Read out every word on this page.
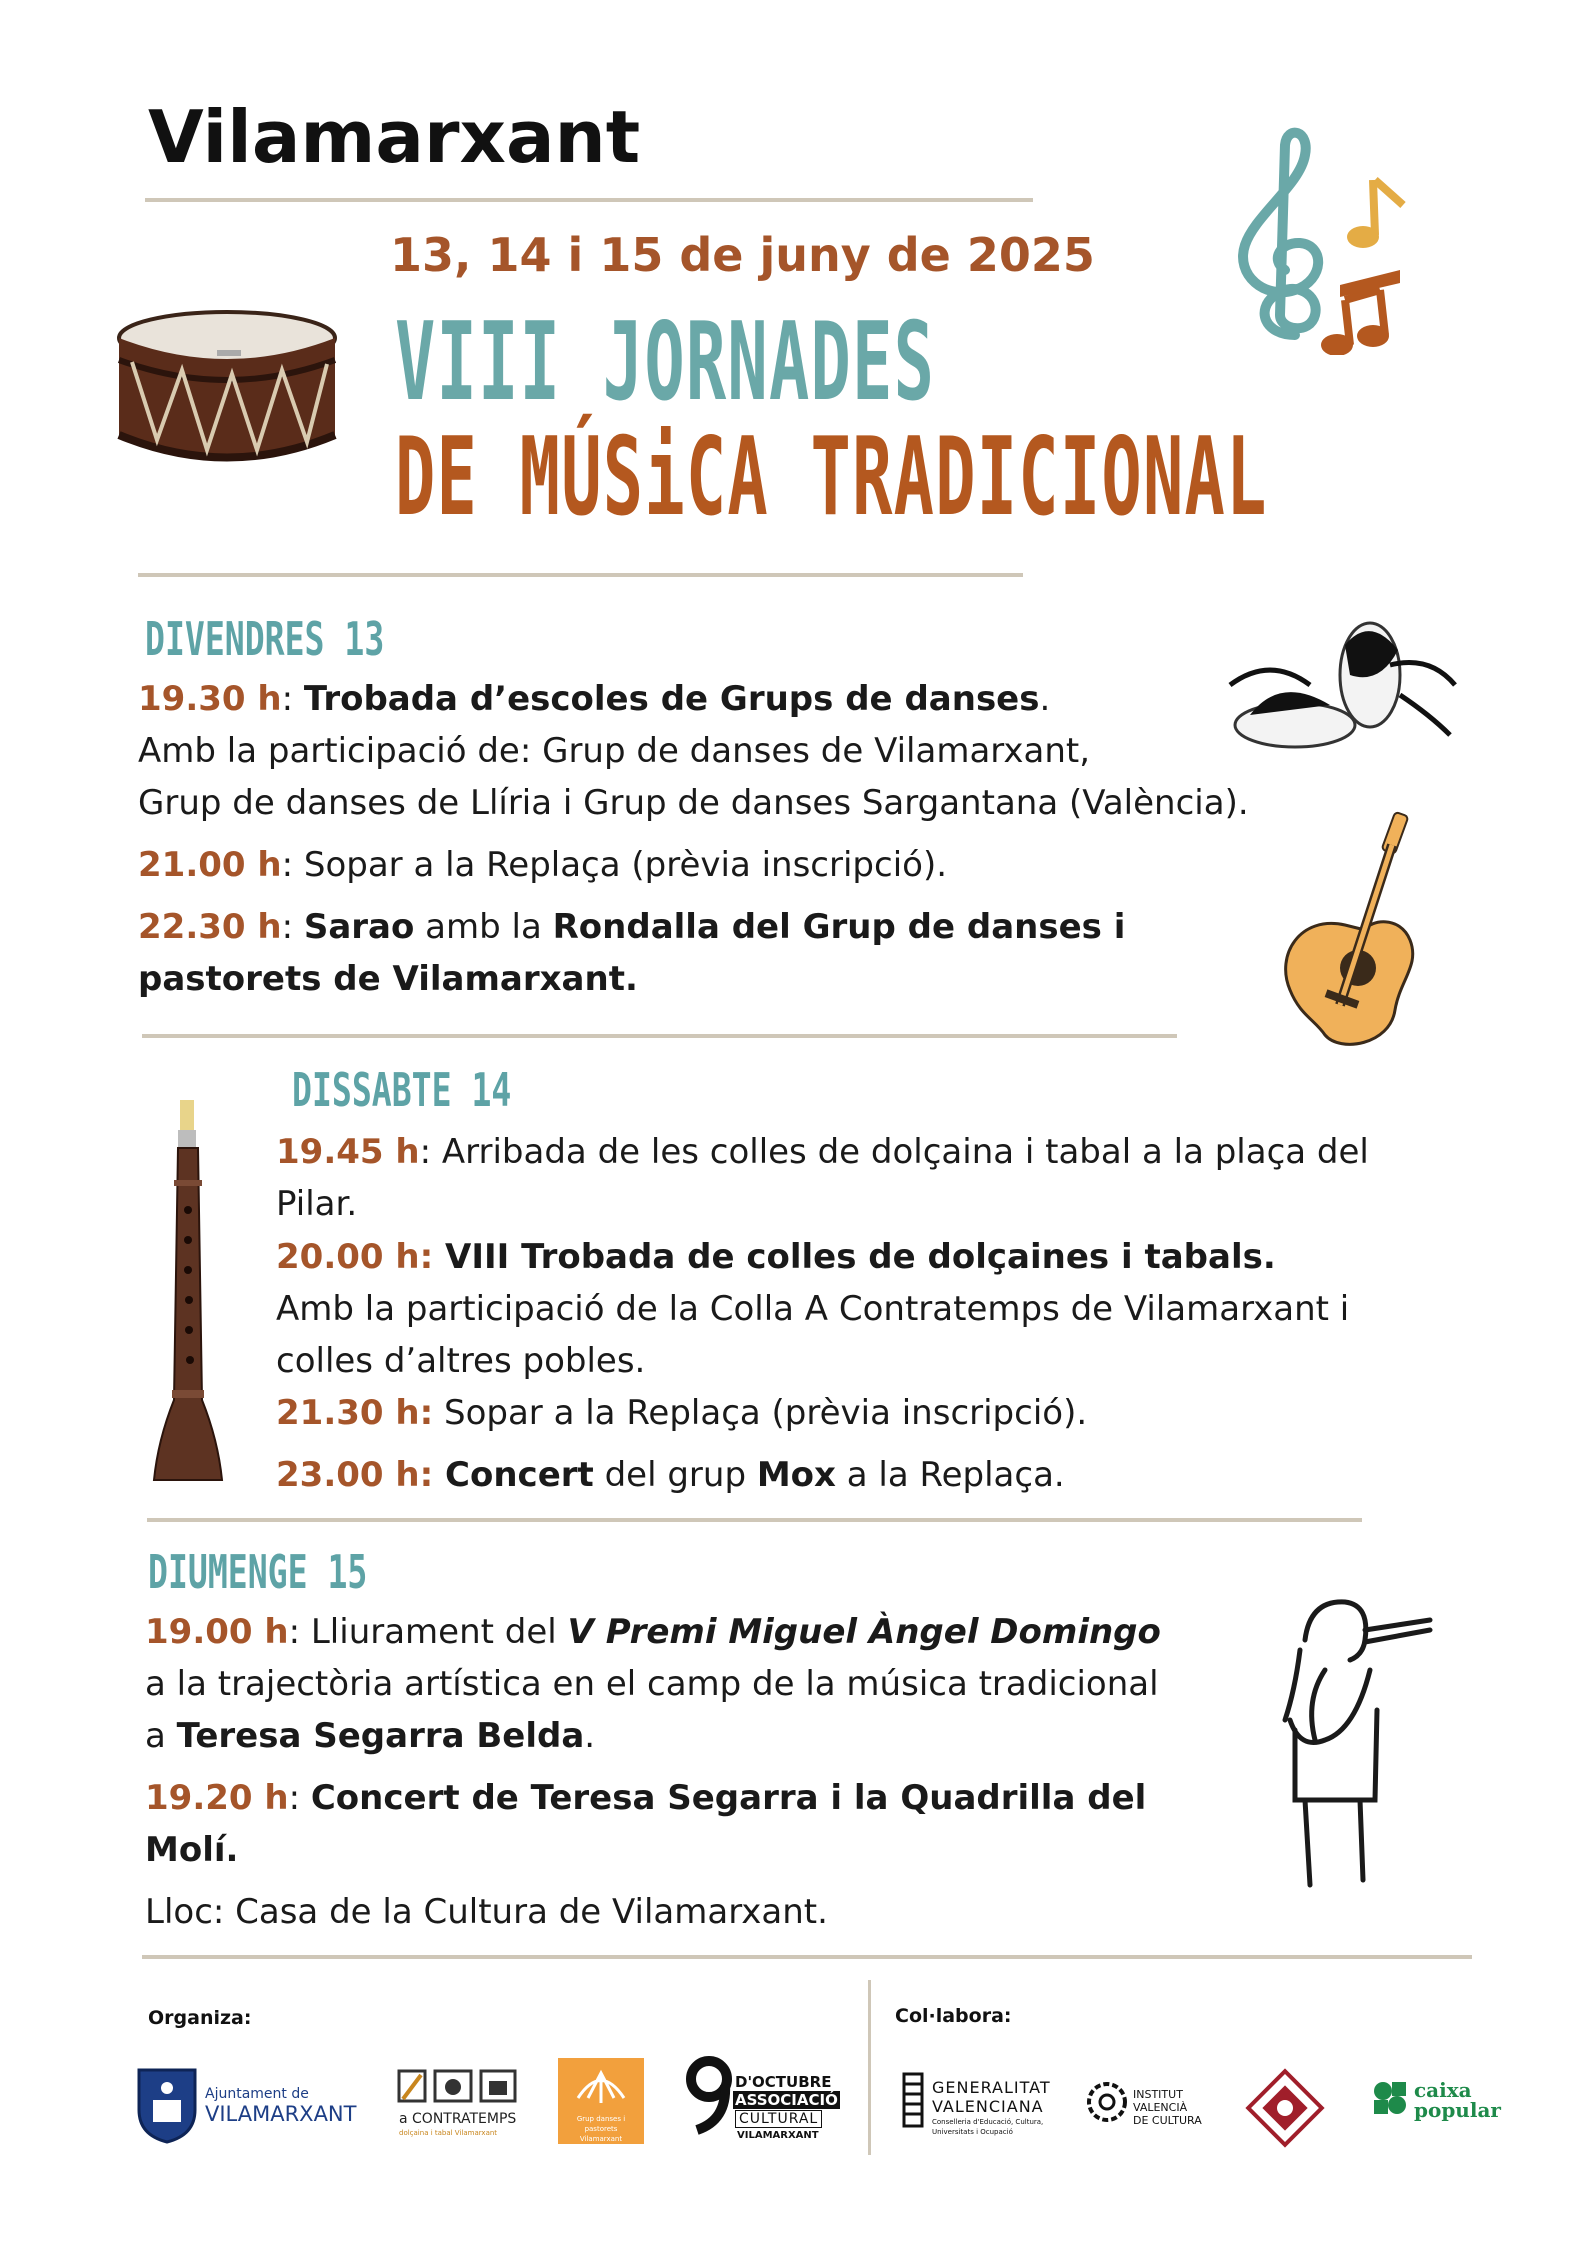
Vilamarxant
13, 14 i 15 de juny de 2025
VIII JORNADES
DE MÚSiCA TRADICIONAL
DIVENDRES 13
19.30 h: Trobada d’escoles de Grups de danses.
Amb la participació de: Grup de danses de Vilamarxant,
Grup de danses de Llíria i Grup de danses Sargantana (València).
21.00 h: Sopar a la Replaça (prèvia inscripció).
22.30 h: Sarao amb la Rondalla del Grup de danses i
pastorets de Vilamarxant.
DISSABTE 14
19.45 h: Arribada de les colles de dolçaina i tabal a la plaça del
Pilar.
20.00 h: VIII Trobada de colles de dolçaines i tabals.
Amb la participació de la Colla A Contratemps de Vilamarxant i
colles d’altres pobles.
21.30 h: Sopar a la Replaça (prèvia inscripció).
23.00 h: Concert del grup Mox a la Replaça.
DIUMENGE 15
19.00 h: Lliurament del V Premi Miguel Àngel Domingo
a la trajectòria artística en el camp de la música tradicional
a Teresa Segarra Belda.
19.20 h: Concert de Teresa Segarra i la Quadrilla del
Molí.
Lloc: Casa de la Cultura de Vilamarxant.
Organiza:	Col·labora:
Ajuntament de
VILAMARXANT	a CONTRATEMPS
dolçaina i tabal Vilamarxant
Grup danses i pastorets Vilamarxant
D'OCTUBRE
ASSOCIACIÓ
CULTURAL
VILAMARXANT
GENERALITAT
VALENCIANA
Conselleria d'Educació, Cultura,
Universitats i Ocupació
INSTITUT
VALENCIÀ
DE CULTURA
caixa
popular
